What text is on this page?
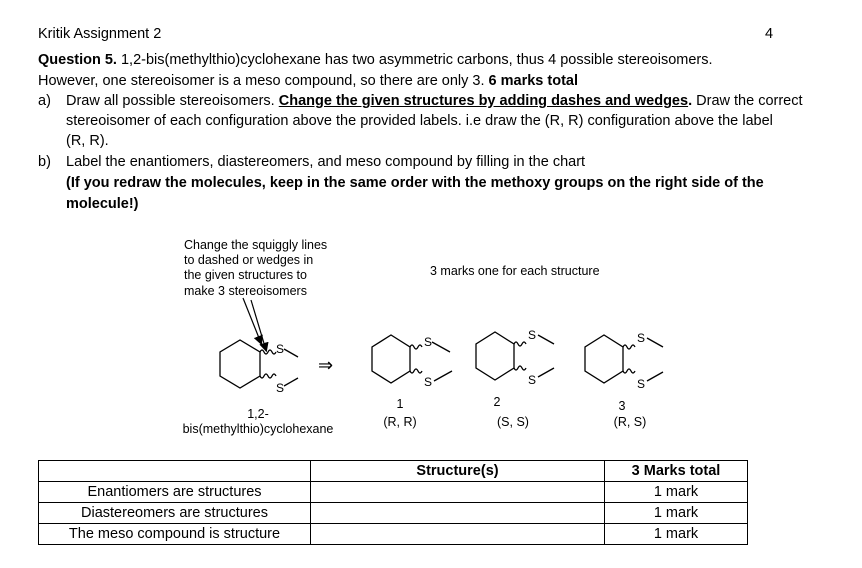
Kritik Assignment 2	4
Question 5. 1,2-bis(methylthio)cyclohexane has two asymmetric carbons, thus 4 possible stereoisomers.
However, one stereoisomer is a meso compound, so there are only 3. 6 marks total
a) Draw all possible stereoisomers. Change the given structures by adding dashes and wedges. Draw the correct
stereoisomer of each configuration above the provided labels. i.e draw the (R, R) configuration above the label
(R, R).
b) Label the enantiomers, diastereomers, and meso compound by filling in the chart
(If you redraw the molecules, keep in the same order with the methoxy groups on the right side of the
molecule!)
Change the squiggly lines
to dashed or wedges in
the given structures to
make 3 stereoisomers
3 marks one for each structure
S
S
⇒
S
S
S
S
S
S
1,2-
bis(methylthio)cyclohexane
1
(R, R)
2
(S, S)
3
(R, S)
	Structure(s)	3 Marks total
Enantiomers are structures		1 mark
Diastereomers are structures		1 mark
The meso compound is structure		1 mark
